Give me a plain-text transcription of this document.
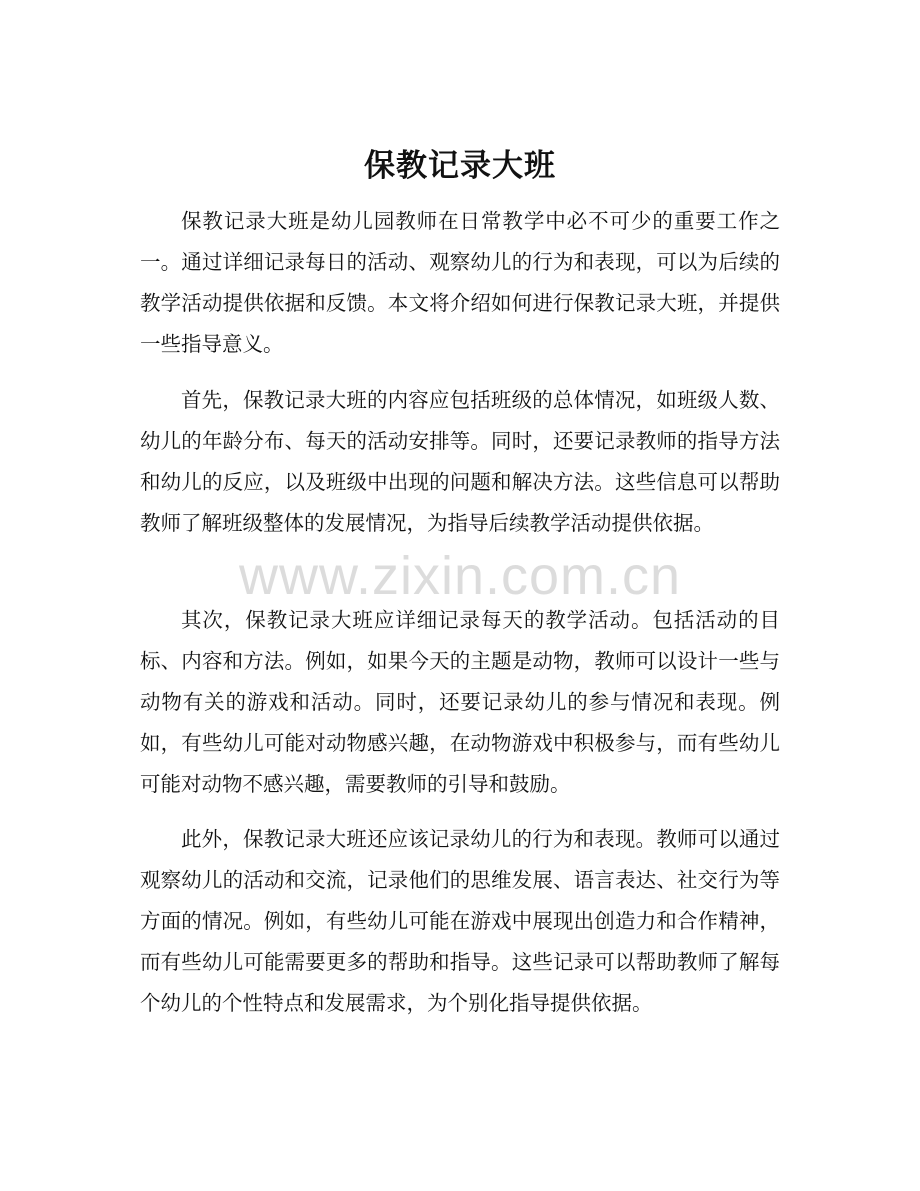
保教记录大班

保教记录大班是幼儿园教师在日常教学中必不可少的重要工作之一。通过详细记录每日的活动、观察幼儿的行为和表现，可以为后续的教学活动提供依据和反馈。本文将介绍如何进行保教记录大班，并提供一些指导意义。

首先，保教记录大班的内容应包括班级的总体情况，如班级人数、幼儿的年龄分布、每天的活动安排等。同时，还要记录教师的指导方法和幼儿的反应，以及班级中出现的问题和解决方法。这些信息可以帮助教师了解班级整体的发展情况，为指导后续教学活动提供依据。

其次，保教记录大班应详细记录每天的教学活动。包括活动的目标、内容和方法。例如，如果今天的主题是动物，教师可以设计一些与动物有关的游戏和活动。同时，还要记录幼儿的参与情况和表现。例如，有些幼儿可能对动物感兴趣，在动物游戏中积极参与，而有些幼儿可能对动物不感兴趣，需要教师的引导和鼓励。

此外，保教记录大班还应该记录幼儿的行为和表现。教师可以通过观察幼儿的活动和交流，记录他们的思维发展、语言表达、社交行为等方面的情况。例如，有些幼儿可能在游戏中展现出创造力和合作精神，而有些幼儿可能需要更多的帮助和指导。这些记录可以帮助教师了解每个幼儿的个性特点和发展需求，为个别化指导提供依据。

www.zixin.com.cn
